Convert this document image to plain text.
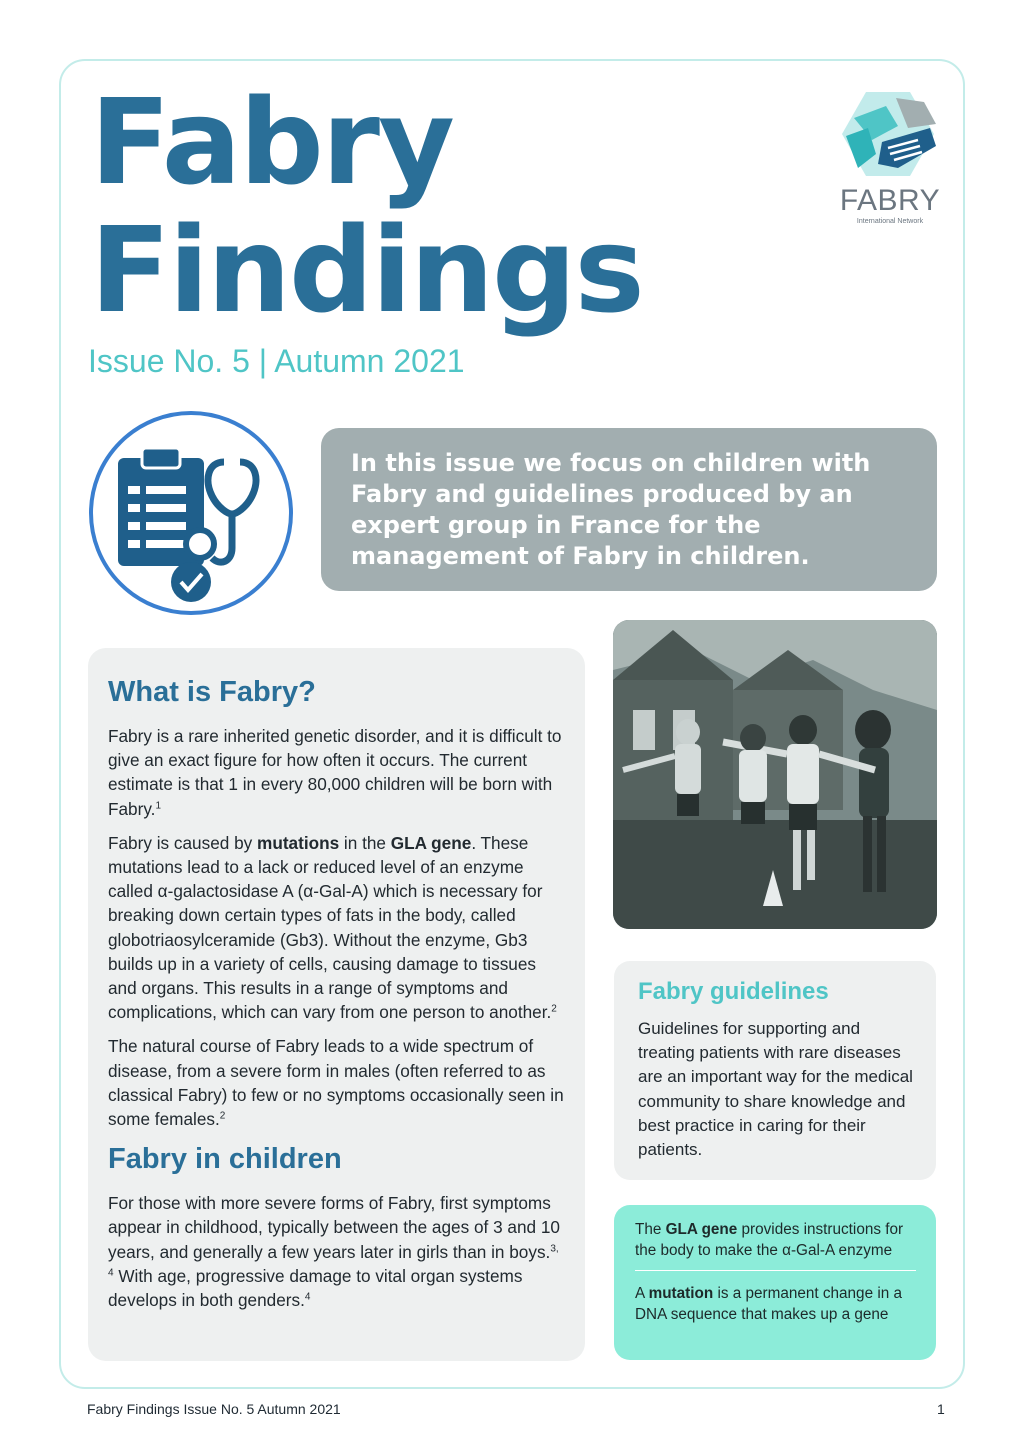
Fabry
Findings
Issue No. 5 | Autumn 2021
FABRY
International Network

In this issue we focus on children with Fabry and guidelines produced by an expert group in France for the management of Fabry in children.

What is Fabry?

Fabry is a rare inherited genetic disorder, and it is difficult to give an exact figure for how often it occurs. The current estimate is that 1 in every 80,000 children will be born with Fabry.$^1$

Fabry is caused by mutations in the GLA gene. These mutations lead to a lack or reduced level of an enzyme called α-galactosidase A (α-Gal-A) which is necessary for breaking down certain types of fats in the body, called globotriaosylceramide (Gb3). Without the enzyme, Gb3 builds up in a variety of cells, causing damage to tissues and organs. This results in a range of symptoms and complications, which can vary from one person to another.$^2$

The natural course of Fabry leads to a wide spectrum of disease, from a severe form in males (often referred to as classical Fabry) to few or no symptoms occasionally seen in some females.$^2$

Fabry in children

For those with more severe forms of Fabry, first symptoms appear in childhood, typically between the ages of 3 and 10 years, and generally a few years later in girls than in boys.$^{3, 4}$ With age, progressive damage to vital organ systems develops in both genders.$^4$

Fabry guidelines

Guidelines for supporting and treating patients with rare diseases are an important way for the medical community to share knowledge and best practice in caring for their patients.

The GLA gene provides instructions for the body to make the α-Gal-A enzyme

A mutation is a permanent change in a DNA sequence that makes up a gene

Fabry Findings Issue No. 5 Autumn 2021	1
